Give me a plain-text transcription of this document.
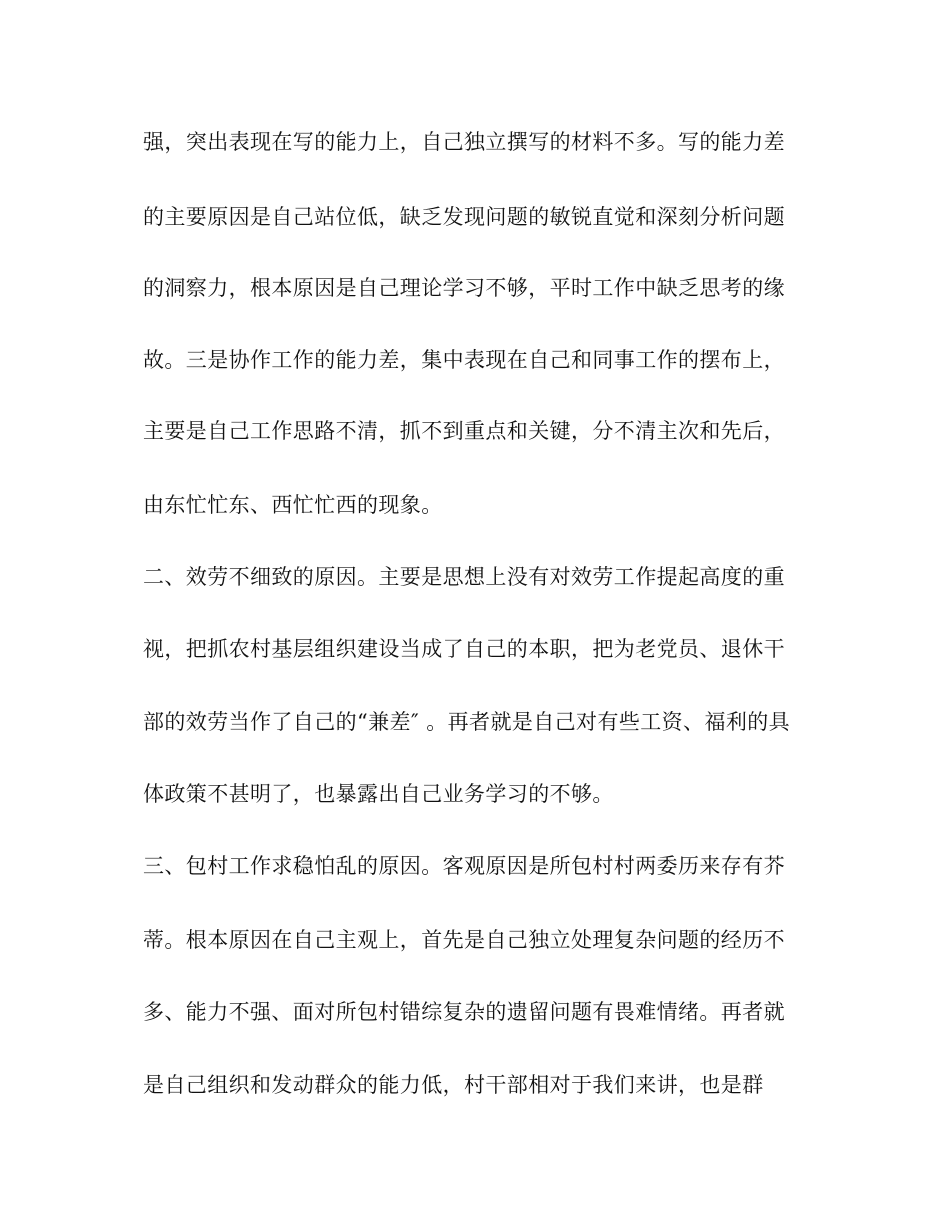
强，突出表现在写的能力上，自己独立撰写的材料不多。写的能力差

的主要原因是自己站位低，缺乏发现问题的敏锐直觉和深刻分析问题

的洞察力，根本原因是自己理论学习不够，平时工作中缺乏思考的缘

故。三是协作工作的能力差，集中表现在自己和同事工作的摆布上，

主要是自己工作思路不清，抓不到重点和关键，分不清主次和先后，

由东忙忙东、西忙忙西的现象。

二、效劳不细致的原因。主要是思想上没有对效劳工作提起高度的重

视，把抓农村基层组织建设当成了自己的本职，把为老党员、退休干

部的效劳当作了自己的“兼差″ 。再者就是自己对有些工资、福利的具

体政策不甚明了，也暴露出自己业务学习的不够。

三、包村工作求稳怕乱的原因。客观原因是所包村村两委历来存有芥

蒂。根本原因在自己主观上，首先是自己独立处理复杂问题的经历不

多、能力不强、面对所包村错综复杂的遗留问题有畏难情绪。再者就

是自己组织和发动群众的能力低，村干部相对于我们来讲，也是群
